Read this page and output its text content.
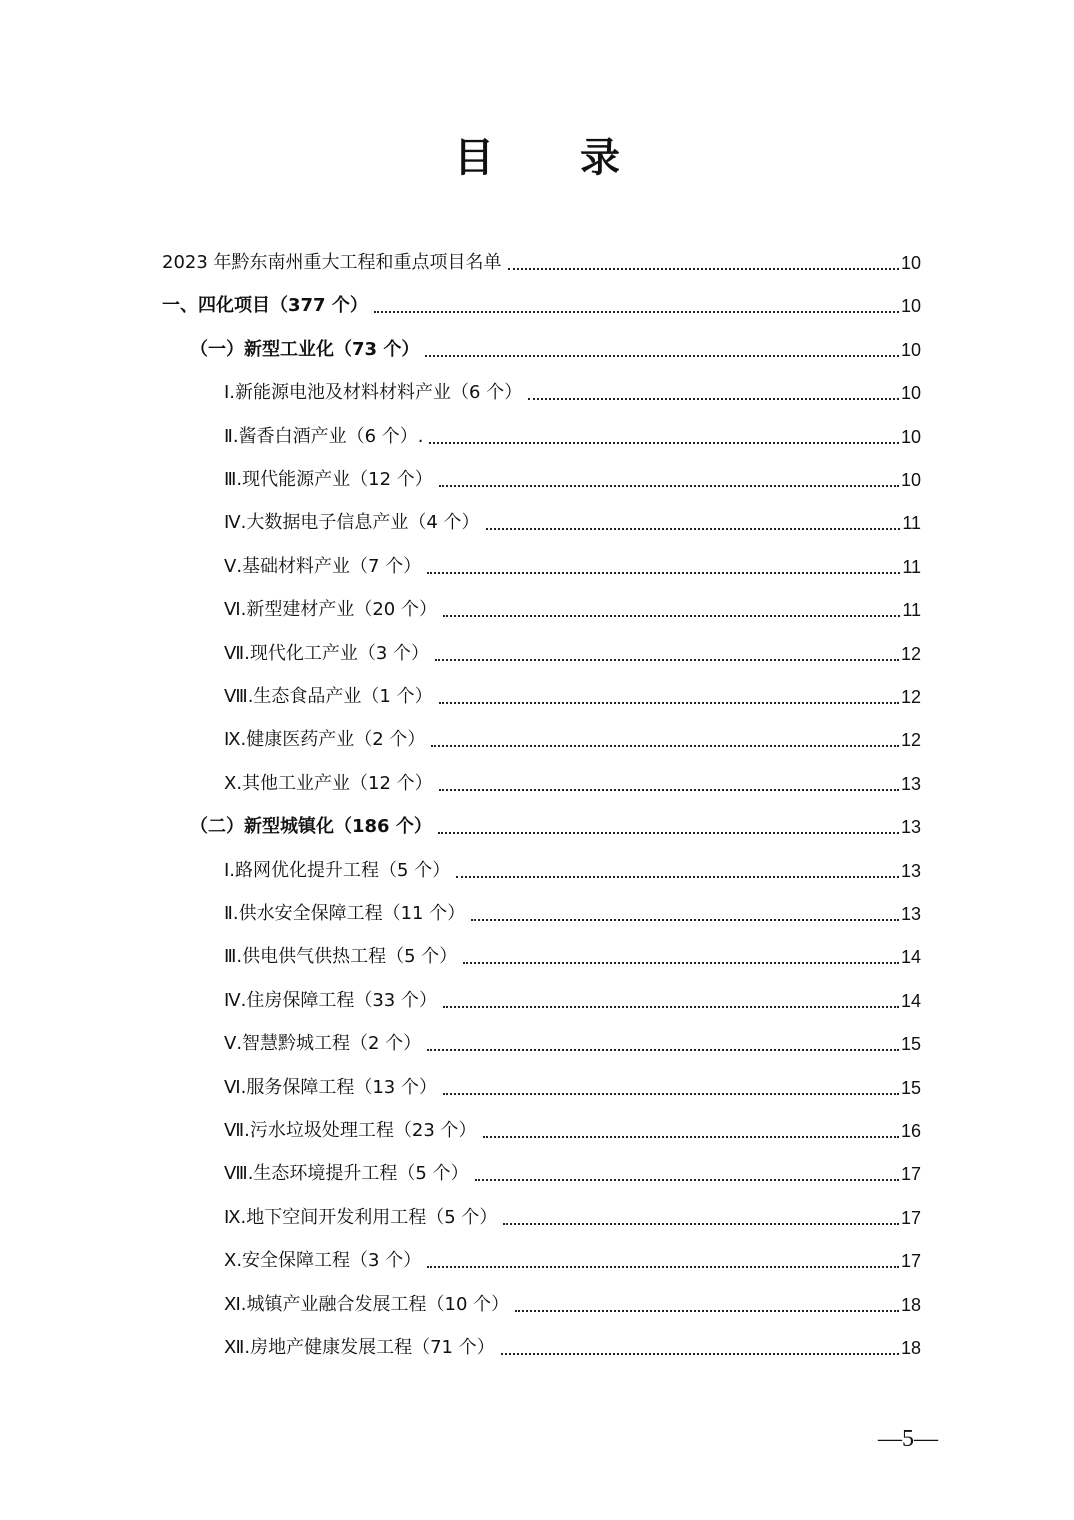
目 录
2023 年黔东南州重大工程和重点项目名单	10
一、四化项目（377 个）	10
（一）新型工业化（73 个）	10
Ⅰ.新能源电池及材料材料产业（6 个）	10
Ⅱ.酱香白酒产业（6 个）.	10
Ⅲ.现代能源产业（12 个）	10
Ⅳ.大数据电子信息产业（4 个）	11
Ⅴ.基础材料产业（7 个）	11
Ⅵ.新型建材产业（20 个）	11
Ⅶ.现代化工产业（3 个）	12
Ⅷ.生态食品产业（1 个）	12
Ⅸ.健康医药产业（2 个）	12
Ⅹ.其他工业产业（12 个）	13
（二）新型城镇化（186 个）	13
Ⅰ.路网优化提升工程（5 个）	13
Ⅱ.供水安全保障工程（11 个）	13
Ⅲ.供电供气供热工程（5 个）	14
Ⅳ.住房保障工程（33 个）	14
Ⅴ.智慧黔城工程（2 个）	15
Ⅵ.服务保障工程（13 个）	15
Ⅶ.污水垃圾处理工程（23 个）	16
Ⅷ.生态环境提升工程（5 个）	17
Ⅸ.地下空间开发利用工程（5 个）	17
Ⅹ.安全保障工程（3 个）	17
Ⅺ.城镇产业融合发展工程（10 个）	18
Ⅻ.房地产健康发展工程（71 个）	18
—5—
